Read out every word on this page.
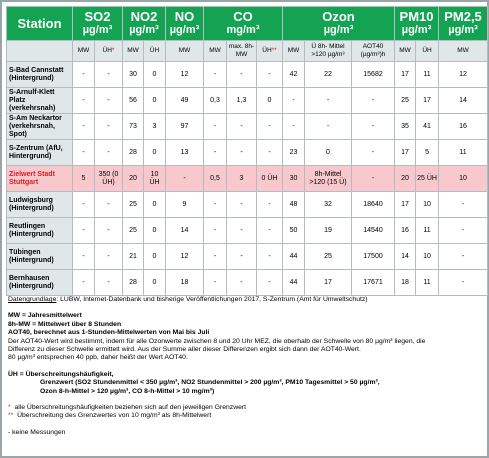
Station	SO2
µg/m³		NO2
µg/m³		NO
µg/m³	CO
mg/m³			Ozon
µg/m³			PM10
µg/m³		PM2,5
µg/m³

	MW	ÜH*	MW	ÜH	MW	MW	max. 8h-MW	ÜH**	MW	Ü 8h- Mittel >120 µg/m³	AOT40 (µg/m³)h	MW	ÜH	MW
S-Bad Cannstatt (Hintergrund)	-	-	30	0	12	-	-	-	42	22	15682	17	11	12
S-Arnulf-Klett Platz (verkehrsnah)	-	-	56	0	49	0,3	1,3	0	-	-	-	25	17	14
S-Am Neckartor (verkehrsnah, Spot)	-	-	73	3	97	-	-	-	-	-	-	35	41	16
S-Zentrum (AfU, Hintergrund)	-	-	28	0	13	-	-	-	23	0	-	17	5	11
Zielwert Stadt Stuttgart	5	350 (0 ÜH)	20	10 ÜH	-	0,5	3	0 ÜH	30	8h-Mittel >120 (15 Ü)	-	20	25 ÜH	10
Ludwigsburg (Hintergrund)	-	-	25	0	9	-	-	-	48	32	18640	17	10	-
Reutlingen (Hintergrund)	-	-	25	0	14	-	-	-	50	19	14540	16	11	-
Tübingen (Hintergrund)	-	-	21	0	12	-	-	-	44	25	17500	14	10	-
Bernhausen (Hintergrund)	-	-	28	0	18	-	-	-	44	17	17671	18	11	-

Datengrundlage: LUBW, Internet-Datenbank und bisherige Veröffentlichungen 2017, S-Zentrum (Amt für Umweltschutz)

MW = Jahresmittelwert

8h-MW = Mittelwert über 8 Stunden

AOT40, berechnet aus 1-Stunden-Mittelwerten von Mai bis Juli

Der AOT40-Wert wird bestimmt, indem für alle Ozonwerte zwischen 8 und 20 Uhr MEZ, die oberhalb der Schwelle von 80 µg/m³ liegen, die

Differenz zu dieser Schwelle ermittelt wird. Aus der Summe aller dieser Differenzen ergibt sich dann der AOT40-Wert.

80 µg/m³ entsprechen 40 ppb, daher heißt der Wert AOT40.

ÜH = Überschreitungshäufigkeit,

Grenzwert (SO2 Stundenmittel < 350 µg/m³, NO2 Stundenmittel > 200 µg/m³, PM10 Tagesmittel > 50 µg/m³,

Ozon 8-h-Mittel > 120 µg/m³, CO 8-h-Mittel > 10 mg/m³)

* alle Überschreitungshäufigkeiten beziehen sich auf den jeweiligen Grenzwert

** Überschreitung des Grenzwertes von 10 mg/m³ als 8h-Mittelwert

- keine Messungen
